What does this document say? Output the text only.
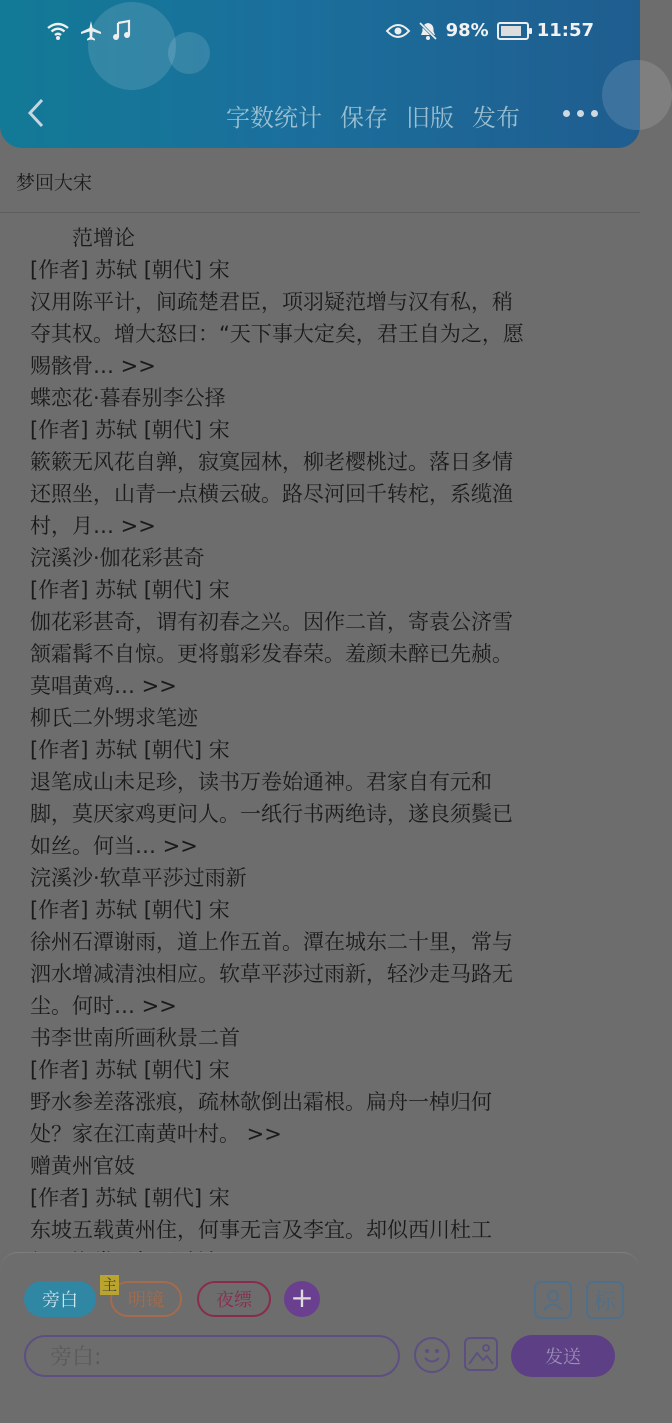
98%	11:57
字数统计 保存 旧版 发布
梦回大宋

范增论

[作者] 苏轼 [朝代] 宋

汉用陈平计，间疏楚君臣，项羽疑范增与汉有私，稍

夺其权。增大怒曰：“天下事大定矣，君王自为之，愿

赐骸骨… >>

蝶恋花·暮春别李公择

[作者] 苏轼 [朝代] 宋

簌簌无风花自亸，寂寞园林，柳老樱桃过。落日多情

还照坐，山青一点横云破。路尽河回千转柁，系缆渔

村，月… >>

浣溪沙·伽花彩甚奇

[作者] 苏轼 [朝代] 宋

伽花彩甚奇，谓有初春之兴。因作二首，寄袁公济雪

颔霜髯不自惊。更将翦彩发春荣。羞颜未醉已先赪。

莫唱黄鸡… >>

柳氏二外甥求笔迹

[作者] 苏轼 [朝代] 宋

退笔成山未足珍，读书万卷始通神。君家自有元和

脚，莫厌家鸡更问人。一纸行书两绝诗，遂良须鬓已

如丝。何当… >>

浣溪沙·软草平莎过雨新

[作者] 苏轼 [朝代] 宋

徐州石潭谢雨，道上作五首。潭在城东二十里，常与

泗水增减清浊相应。软草平莎过雨新，轻沙走马路无

尘。何时… >>

书李世南所画秋景二首

[作者] 苏轼 [朝代] 宋

野水参差落涨痕，疏林欹倒出霜根。扁舟一棹归何

处？家在江南黄叶村。 >>

赠黄州官妓

[作者] 苏轼 [朝代] 宋

东坡五载黄州住，何事无言及李宜。却似西川杜工

旁白	明镜
主
夜缥	+	标
旁白:
发送
